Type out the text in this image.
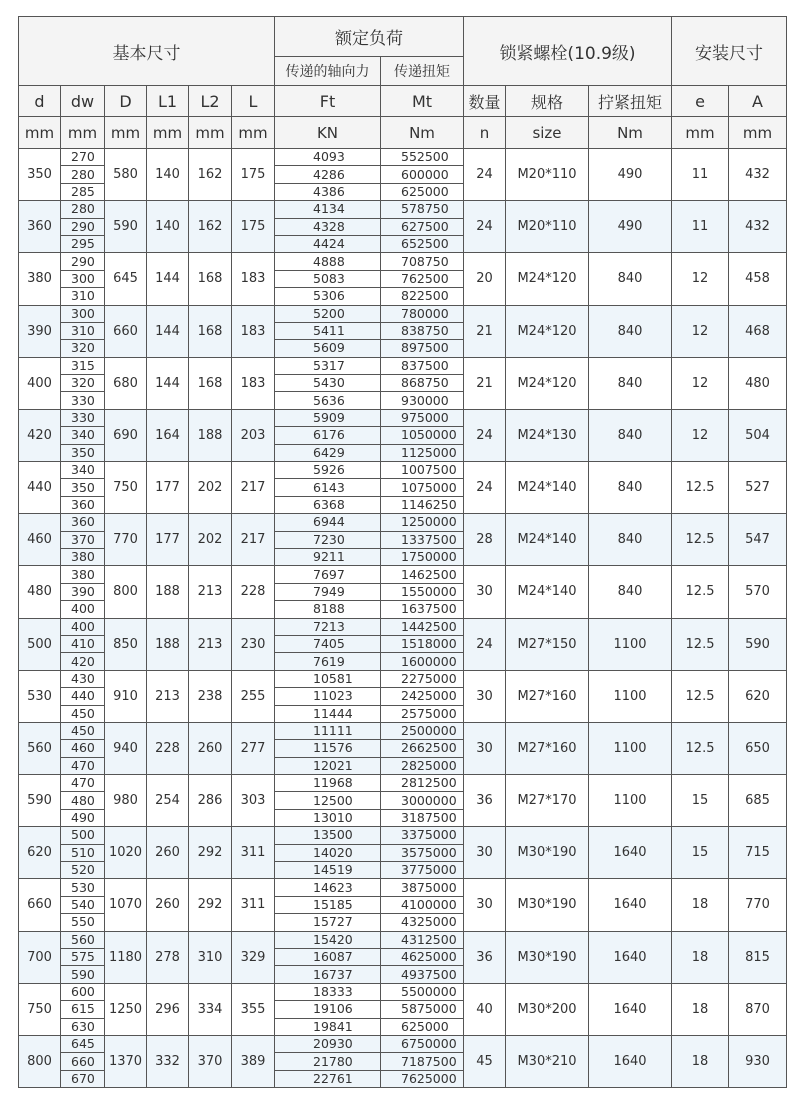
基本尺寸						额定负荷		锁紧螺栓(10.9级)			安装尺寸	
						传递的轴向力	传递扭矩					
d	dw	D	L1	L2	L	Ft	Mt	数量	规格	拧紧扭矩	e	A
mm	mm	mm	mm	mm	mm	KN	Nm	n	size	Nm	mm	mm
350	270	580	140	162	175	4093	552500	24	M20*110	490	11	432
	280					4286	600000					
	285					4386	625000					
360	280	590	140	162	175	4134	578750	24	M20*110	490	11	432
	290					4328	627500					
	295					4424	652500					
380	290	645	144	168	183	4888	708750	20	M24*120	840	12	458
	300					5083	762500					
	310					5306	822500					
390	300	660	144	168	183	5200	780000	21	M24*120	840	12	468
	310					5411	838750					
	320					5609	897500					
400	315	680	144	168	183	5317	837500	21	M24*120	840	12	480
	320					5430	868750					
	330					5636	930000					
420	330	690	164	188	203	5909	975000	24	M24*130	840	12	504
	340					6176	1050000					
	350					6429	1125000					
440	340	750	177	202	217	5926	1007500	24	M24*140	840	12.5	527
	350					6143	1075000					
	360					6368	1146250					
460	360	770	177	202	217	6944	1250000	28	M24*140	840	12.5	547
	370					7230	1337500					
	380					9211	1750000					
480	380	800	188	213	228	7697	1462500	30	M24*140	840	12.5	570
	390					7949	1550000					
	400					8188	1637500					
500	400	850	188	213	230	7213	1442500	24	M27*150	1100	12.5	590
	410					7405	1518000					
	420					7619	1600000					
530	430	910	213	238	255	10581	2275000	30	M27*160	1100	12.5	620
	440					11023	2425000					
	450					11444	2575000					
560	450	940	228	260	277	11111	2500000	30	M27*160	1100	12.5	650
	460					11576	2662500					
	470					12021	2825000					
590	470	980	254	286	303	11968	2812500	36	M27*170	1100	15	685
	480					12500	3000000					
	490					13010	3187500					
620	500	1020	260	292	311	13500	3375000	30	M30*190	1640	15	715
	510					14020	3575000					
	520					14519	3775000					
660	530	1070	260	292	311	14623	3875000	30	M30*190	1640	18	770
	540					15185	4100000					
	550					15727	4325000					
700	560	1180	278	310	329	15420	4312500	36	M30*190	1640	18	815
	575					16087	4625000					
	590					16737	4937500					
750	600	1250	296	334	355	18333	5500000	40	M30*200	1640	18	870
	615					19106	5875000					
	630					19841	625000					
800	645	1370	332	370	389	20930	6750000	45	M30*210	1640	18	930
	660					21780	7187500					
	670					22761	7625000					
